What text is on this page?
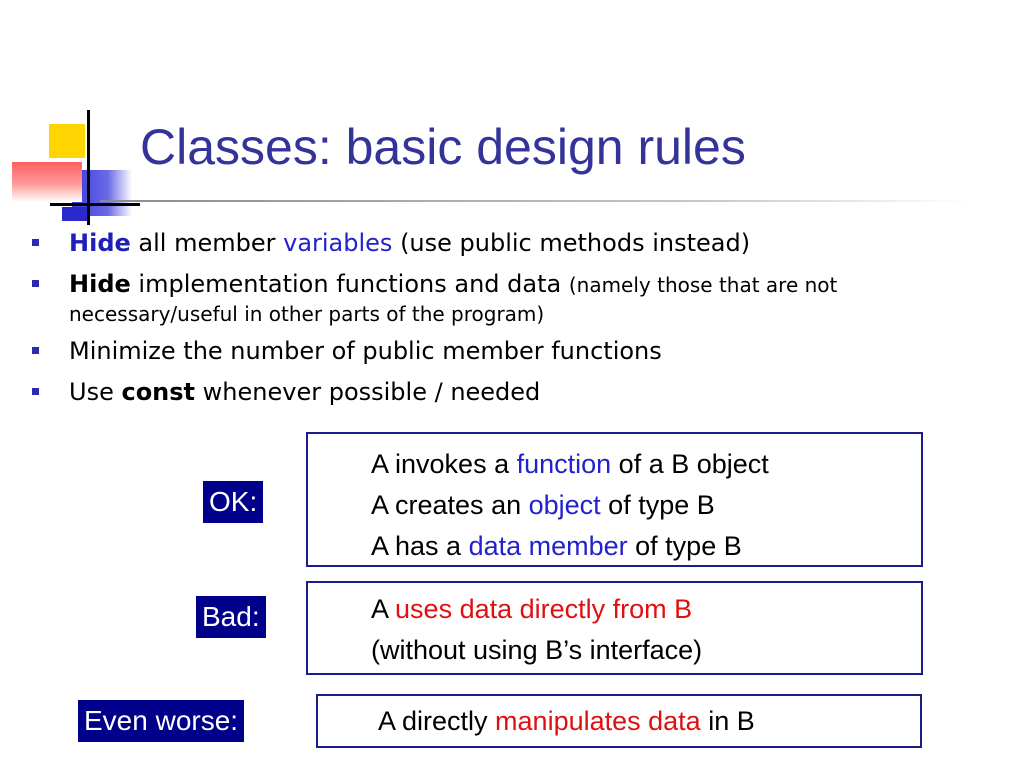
Classes: basic design rules
Hide all member variables (use public methods instead)
Hide implementation functions and data (namely those that are not
necessary/useful in other parts of the program)
Minimize the number of public member functions
Use const whenever possible / needed
OK:
A invokes a function of a B object
A creates an object of type B
A has a data member of type B
Bad:	A uses data directly from B
(without using B’s interface)
Even worse:	A directly manipulates data in B
